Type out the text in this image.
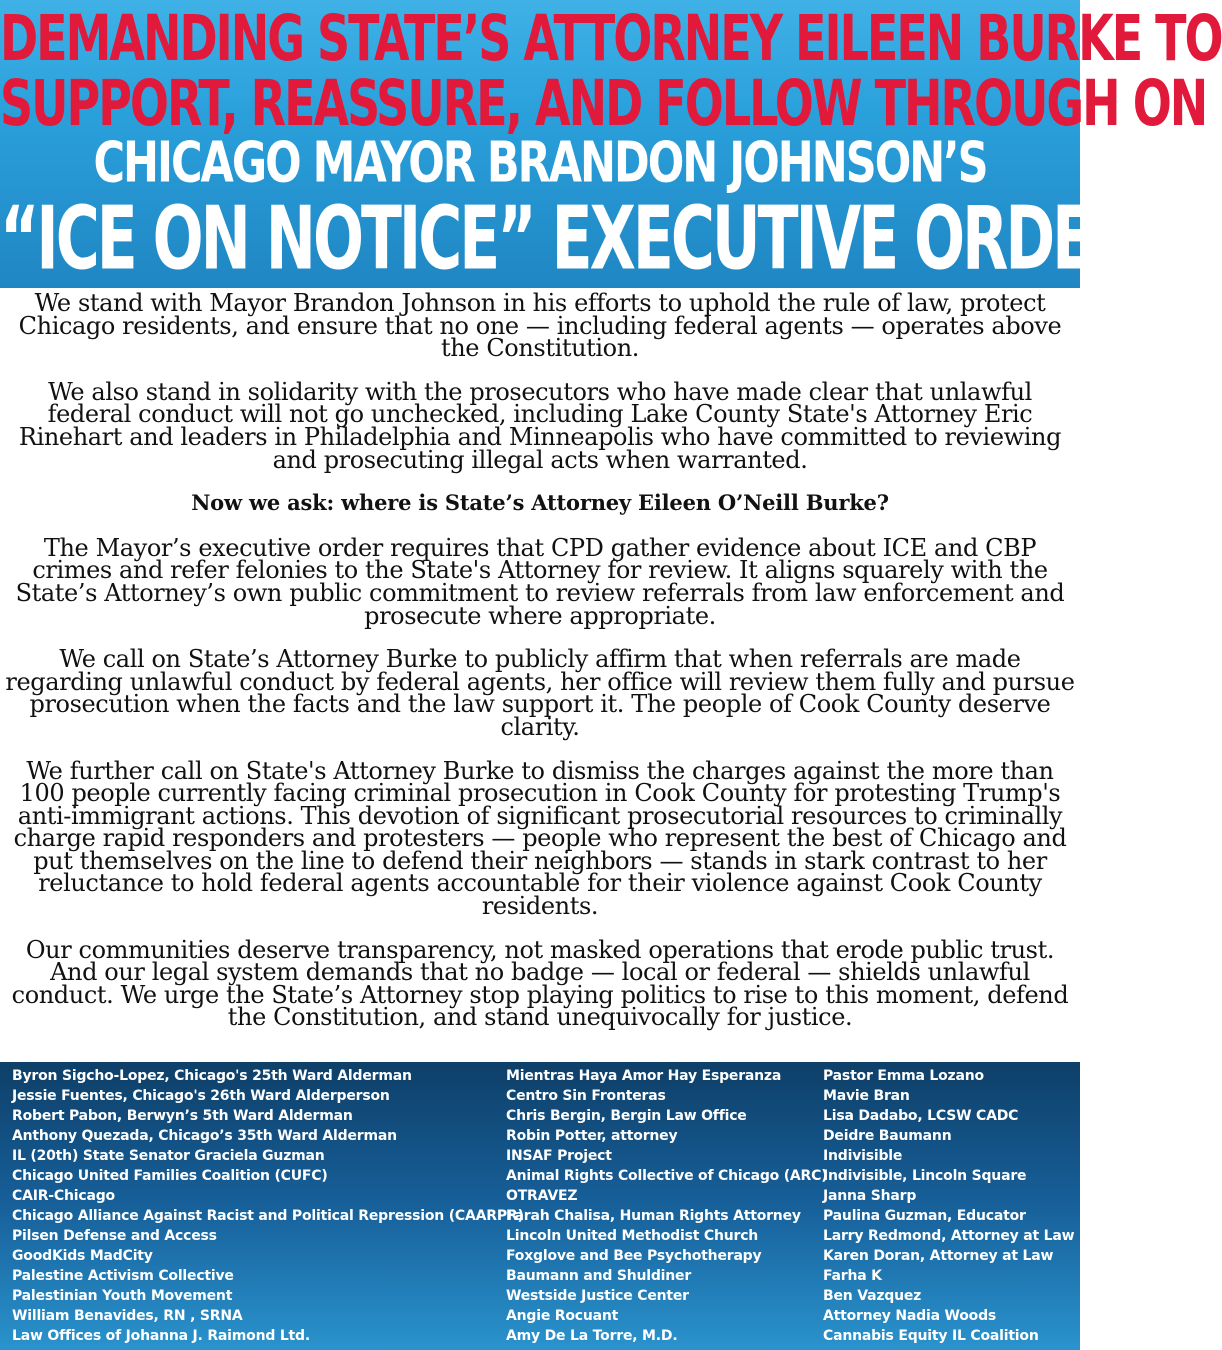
DEMANDING STATE’S ATTORNEY EILEEN BURKE TO
SUPPORT, REASSURE, AND FOLLOW THROUGH ON
CHICAGO MAYOR BRANDON JOHNSON’S
“ICE ON NOTICE” EXECUTIVE ORDER

We stand with Mayor Brandon Johnson in his efforts to uphold the rule of law, protect Chicago residents, and ensure that no one — including federal agents — operates above the Constitution.

We also stand in solidarity with the prosecutors who have made clear that unlawful federal conduct will not go unchecked, including Lake County State's Attorney Eric Rinehart and leaders in Philadelphia and Minneapolis who have committed to reviewing and prosecuting illegal acts when warranted.

Now we ask: where is State’s Attorney Eileen O’Neill Burke?

The Mayor’s executive order requires that CPD gather evidence about ICE and CBP crimes and refer felonies to the State's Attorney for review. It aligns squarely with the State’s Attorney’s own public commitment to review referrals from law enforcement and prosecute where appropriate.

We call on State’s Attorney Burke to publicly affirm that when referrals are made regarding unlawful conduct by federal agents, her office will review them fully and pursue prosecution when the facts and the law support it. The people of Cook County deserve clarity.

We further call on State's Attorney Burke to dismiss the charges against the more than 100 people currently facing criminal prosecution in Cook County for protesting Trump's anti-immigrant actions. This devotion of significant prosecutorial resources to criminally charge rapid responders and protesters — people who represent the best of Chicago and put themselves on the line to defend their neighbors — stands in stark contrast to her reluctance to hold federal agents accountable for their violence against Cook County residents.

Our communities deserve transparency, not masked operations that erode public trust. And our legal system demands that no badge — local or federal — shields unlawful conduct. We urge the State’s Attorney stop playing politics to rise to this moment, defend the Constitution, and stand unequivocally for justice.

Byron Sigcho-Lopez, Chicago's 25th Ward Alderman
Jessie Fuentes, Chicago's 26th Ward Alderperson
Robert Pabon, Berwyn’s 5th Ward Alderman
Anthony Quezada, Chicago’s 35th Ward Alderman
IL (20th) State Senator Graciela Guzman
Chicago United Families Coalition (CUFC)
CAIR-Chicago
Chicago Alliance Against Racist and Political Repression (CAARPR)
Pilsen Defense and Access
GoodKids MadCity
Palestine Activism Collective
Palestinian Youth Movement
William Benavides, RN , SRNA
Law Offices of Johanna J. Raimond Ltd.
Mientras Haya Amor Hay Esperanza
Centro Sin Fronteras
Chris Bergin, Bergin Law Office
Robin Potter, attorney
INSAF Project
Animal Rights Collective of Chicago (ARC)
OTRAVEZ
Farah Chalisa, Human Rights Attorney
Lincoln United Methodist Church
Foxglove and Bee Psychotherapy
Baumann and Shuldiner
Westside Justice Center
Angie Rocuant
Amy De La Torre, M.D.
Pastor Emma Lozano
Mavie Bran
Lisa Dadabo, LCSW CADC
Deidre Baumann
Indivisible
Indivisible, Lincoln Square
Janna Sharp
Paulina Guzman, Educator
Larry Redmond, Attorney at Law
Karen Doran, Attorney at Law
Farha K
Ben Vazquez
Attorney Nadia Woods
Cannabis Equity IL Coalition
